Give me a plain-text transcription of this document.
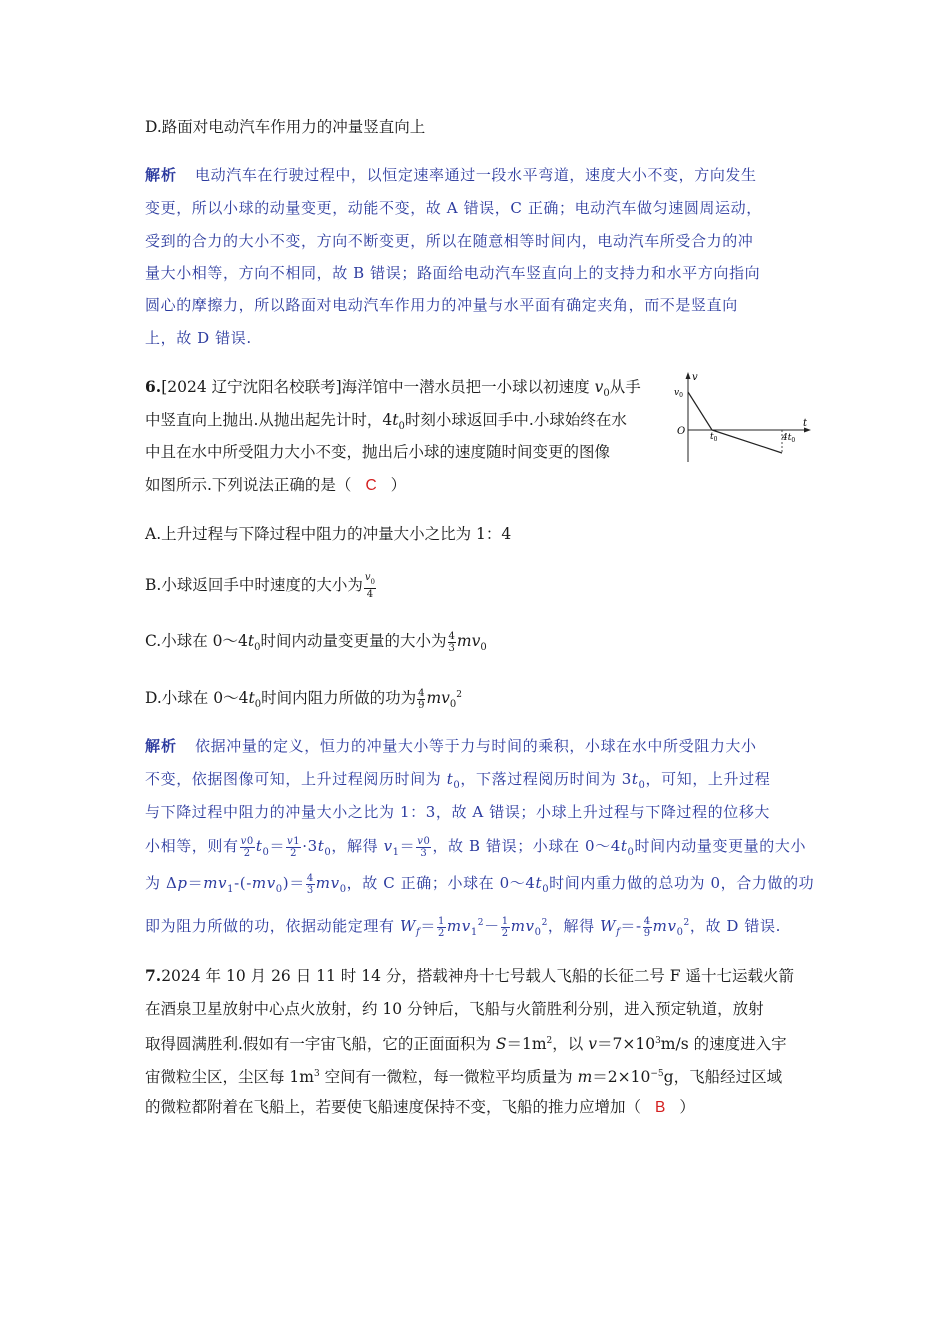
D.路面对电动汽车作用力的冲量竖直向上
解析 电动汽车在行驶过程中，以恒定速率通过一段水平弯道，速度大小不变，方向发生
变更，所以小球的动量变更，动能不变，故 A 错误，C 正确；电动汽车做匀速圆周运动，
受到的合力的大小不变，方向不断变更，所以在随意相等时间内，电动汽车所受合力的冲
量大小相等，方向不相同，故 B 错误；路面给电动汽车竖直向上的支持力和水平方向指向
圆心的摩擦力，所以路面对电动汽车作用力的冲量与水平面有确定夹角，而不是竖直向
上，故 D 错误.
6.[2024 辽宁沈阳名校联考]海洋馆中一潜水员把一小球以初速度 $v_0$从手
中竖直向上抛出.从抛出起先计时，$4t_0$时刻小球返回手中.小球始终在水
中且在水中所受阻力大小不变，抛出后小球的速度随时间变更的图像
如图所示.下列说法正确的是（ C ）
v
$v_0$
O
t
$t_0$	$4t_0$
A.上升过程与下降过程中阻力的冲量大小之比为 1：4
B.小球返回手中时速度的大小为 $\frac{v_0}{4}$
C.小球在 $0\sim 4t_0$时间内动量变更量的大小为 $\frac{4}{3} mv_0$
D.小球在 $0\sim 4t_0$时间内阻力所做的功为 $\frac{4}{9} mv_0^2$
解析 依据冲量的定义，恒力的冲量大小等于力与时间的乘积，小球在水中所受阻力大小
不变，依据图像可知，上升过程阅历时间为 $t_0$，下落过程阅历时间为 $3t_0$，可知，上升过程
与下降过程中阻力的冲量大小之比为 1：3，故 A 错误；小球上升过程与下降过程的位移大
小相等，则有 $\frac{v0}{2} t_0= \frac{v1}{2} \cdot 3t_0$，解得 $v_1= \frac{v0}{3}$ ，故 B 错误；小球在 $0\sim 4t_0$时间内动量变更量的大小
为 $\Delta p=mv_1-(-mv_0)= \frac{4}{3} mv_0$，故 C 正确；小球在 $0\sim 4t_0$时间内重力做的总功为 0，合力做的功
即为阻力所做的功，依据动能定理有 $W_f= \frac{1}{2} mv_1^2- \frac{1}{2} mv_0^2$，解得 $W_f=- \frac{4}{9} mv_0^2$，故 D 错误.
7.2024 年 10 月 26 日 11 时 14 分，搭载神舟十七号载人飞船的长征二号 F 遥十七运载火箭
在酒泉卫星放射中心点火放射，约 10 分钟后，飞船与火箭胜利分别，进入预定轨道，放射
取得圆满胜利.假如有一宇宙飞船，它的正面面积为 $S=1m^2$，以 $v=7\times 10^3m/s$ 的速度进入宇
宙微粒尘区，尘区每 $1m^3$ 空间有一微粒，每一微粒平均质量为 $m=2\times 10^{-5}g$，飞船经过区域
的微粒都附着在飞船上，若要使飞船速度保持不变，飞船的推力应增加（ B ）
